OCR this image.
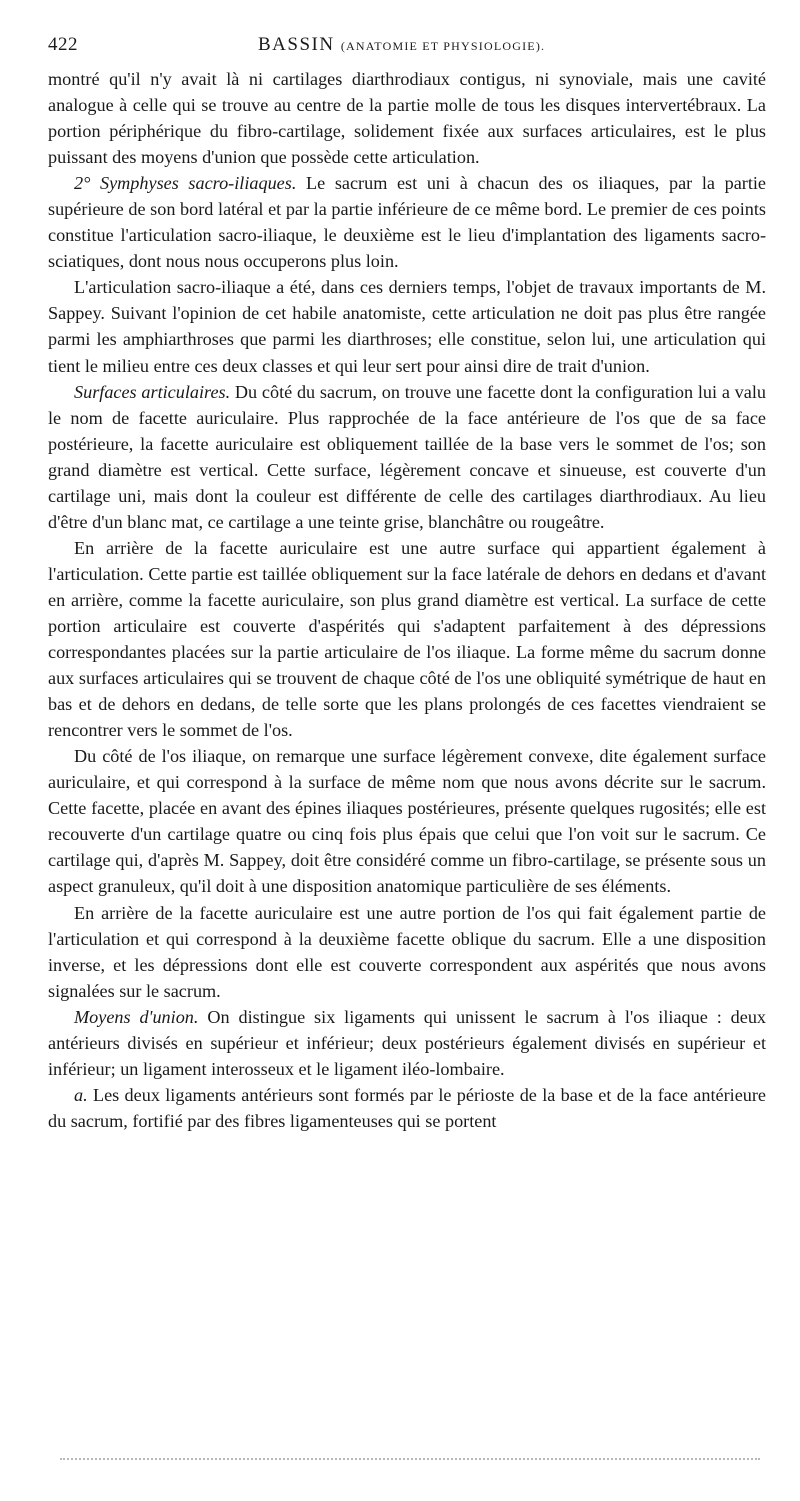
422	BASSIN (ANATOMIE ET PHYSIOLOGIE).

montré qu'il n'y avait là ni cartilages diarthrodiaux contigus, ni synoviale, mais une cavité analogue à celle qui se trouve au centre de la partie molle de tous les disques intervertébraux. La portion périphérique du fibro-cartilage, solidement fixée aux surfaces articulaires, est le plus puissant des moyens d'union que possède cette articulation.

2° Symphyses sacro-iliaques. Le sacrum est uni à chacun des os iliaques, par la partie supérieure de son bord latéral et par la partie inférieure de ce même bord. Le premier de ces points constitue l'articulation sacro-iliaque, le deuxième est le lieu d'implantation des ligaments sacro-sciatiques, dont nous nous occuperons plus loin.

L'articulation sacro-iliaque a été, dans ces derniers temps, l'objet de travaux importants de M. Sappey. Suivant l'opinion de cet habile anatomiste, cette articulation ne doit pas plus être rangée parmi les amphiarthroses que parmi les diarthroses; elle constitue, selon lui, une articulation qui tient le milieu entre ces deux classes et qui leur sert pour ainsi dire de trait d'union.

Surfaces articulaires. Du côté du sacrum, on trouve une facette dont la configuration lui a valu le nom de facette auriculaire. Plus rapprochée de la face antérieure de l'os que de sa face postérieure, la facette auriculaire est obliquement taillée de la base vers le sommet de l'os; son grand diamètre est vertical. Cette surface, légèrement concave et sinueuse, est couverte d'un cartilage uni, mais dont la couleur est différente de celle des cartilages diarthrodiaux. Au lieu d'être d'un blanc mat, ce cartilage a une teinte grise, blanchâtre ou rougeâtre.

En arrière de la facette auriculaire est une autre surface qui appartient également à l'articulation. Cette partie est taillée obliquement sur la face latérale de dehors en dedans et d'avant en arrière, comme la facette auriculaire, son plus grand diamètre est vertical. La surface de cette portion articulaire est couverte d'aspérités qui s'adaptent parfaitement à des dépressions correspondantes placées sur la partie articulaire de l'os iliaque. La forme même du sacrum donne aux surfaces articulaires qui se trouvent de chaque côté de l'os une obliquité symétrique de haut en bas et de dehors en dedans, de telle sorte que les plans prolongés de ces facettes viendraient se rencontrer vers le sommet de l'os.

Du côté de l'os iliaque, on remarque une surface légèrement convexe, dite également surface auriculaire, et qui correspond à la surface de même nom que nous avons décrite sur le sacrum. Cette facette, placée en avant des épines iliaques postérieures, présente quelques rugosités; elle est recouverte d'un cartilage quatre ou cinq fois plus épais que celui que l'on voit sur le sacrum. Ce cartilage qui, d'après M. Sappey, doit être considéré comme un fibro-cartilage, se présente sous un aspect granuleux, qu'il doit à une disposition anatomique particulière de ses éléments.

En arrière de la facette auriculaire est une autre portion de l'os qui fait également partie de l'articulation et qui correspond à la deuxième facette oblique du sacrum. Elle a une disposition inverse, et les dépressions dont elle est couverte correspondent aux aspérités que nous avons signalées sur le sacrum.

Moyens d'union. On distingue six ligaments qui unissent le sacrum à l'os iliaque : deux antérieurs divisés en supérieur et inférieur; deux postérieurs également divisés en supérieur et inférieur; un ligament interosseux et le ligament iléo-lombaire.

a. Les deux ligaments antérieurs sont formés par le périoste de la base et de la face antérieure du sacrum, fortifié par des fibres ligamenteuses qui se portent
